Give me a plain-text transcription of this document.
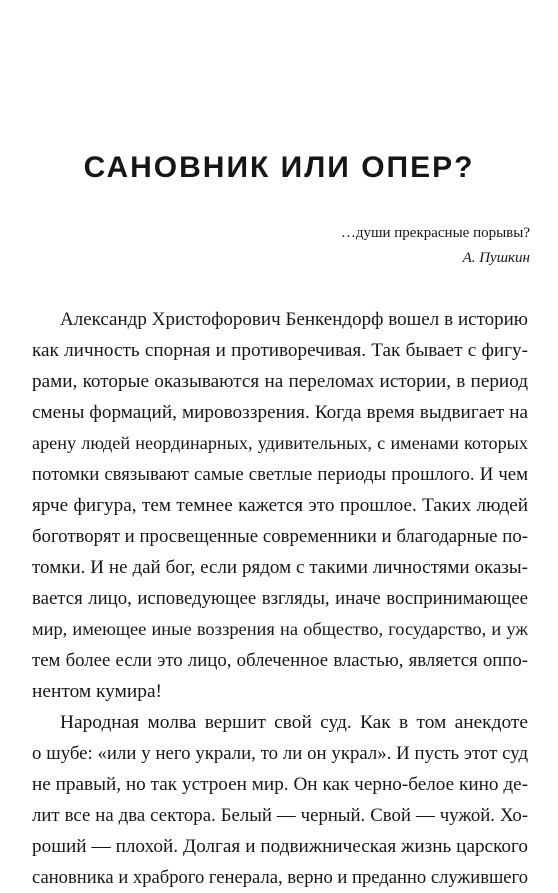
САНОВНИК ИЛИ ОПЕР?
…души прекрасные порывы?
А. Пушкин
Александр Христофорович Бенкендорф вошел в историю
как личность спорная и противоречивая. Так бывает с фигу-
рами, которые оказываются на переломах истории, в период
смены формаций, мировоззрения. Когда время выдвигает на
арену людей неординарных, удивительных, с именами которых
потомки связывают самые светлые периоды прошлого. И чем
ярче фигура, тем темнее кажется это прошлое. Таких людей
боготворят и просвещенные современники и благодарные по-
томки. И не дай бог, если рядом с такими личностями оказы-
вается лицо, исповедующее взгляды, иначе воспринимающее
мир, имеющее иные воззрения на общество, государство, и уж
тем более если это лицо, облеченное властью, является оппо-
нентом кумира!
Народная молва вершит свой суд. Как в том анекдоте
о шубе: «или у него украли, то ли он украл». И пусть этот суд
не правый, но так устроен мир. Он как черно-белое кино де-
лит все на два сектора. Белый — черный. Свой — чужой. Хо-
роший — плохой. Долгая и подвижническая жизнь царского
сановника и храброго генерала, верно и преданно служившего
